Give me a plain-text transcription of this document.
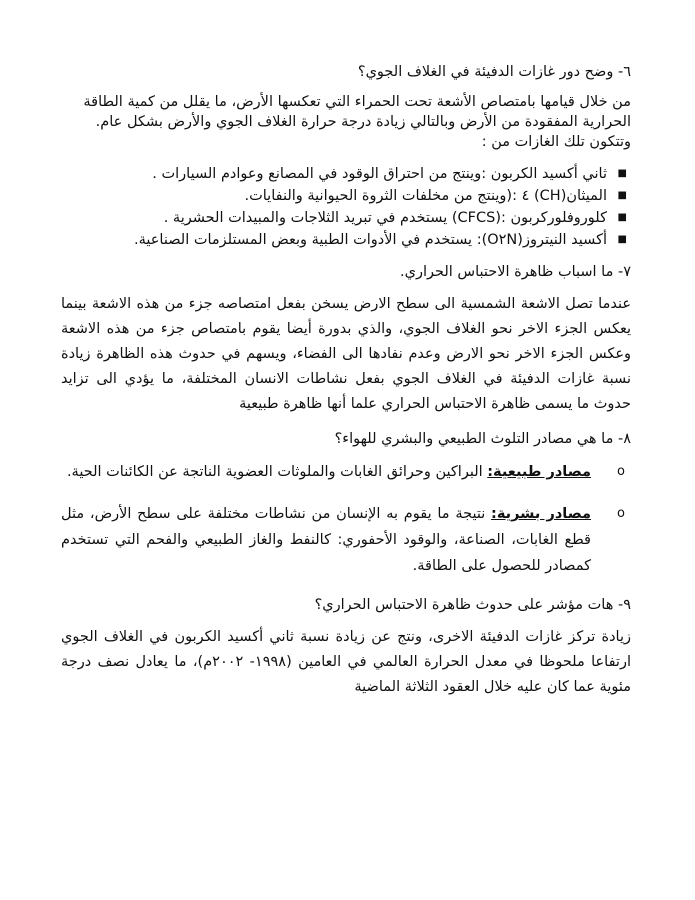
٦- وضح دور غازات الدفيئة في الغلاف الجوي؟

من خلال قيامها بامتصاص الأشعة تحت الحمراء التي تعكسها الأرض، ما يقلل من كمية الطاقة الحرارية المفقودة من الأرض وبالتالي زيادة درجة حرارة الغلاف الجوي والأرض بشكل عام.
وتتكون تلك الغازات من :

■
ثاني أكسيد الكربون :وينتج من احتراق الوقود في المصانع وعوادم السيارات .
■
الميثان(CH) ٤ :(وينتج من مخلفات الثروة الحيوانية والنفايات.
■
كلوروفلوركربون :(CFCS) يستخدم في تبريد الثلاجات والمبيدات الحشرية .
■
أكسيد النيتروز(O٢N): يستخدم في الأدوات الطبية وبعض المستلزمات الصناعية.

٧- ما اسباب ظاهرة الاحتباس الحراري.

عندما تصل الاشعة الشمسية الى سطح الارض يسخن بفعل امتصاصه جزء من هذه الاشعة بينما يعكس الجزء الاخر نحو الغلاف الجوي، والذي بدورة أيضا يقوم بامتصاص جزء من هذه الاشعة وعكس الجزء الاخر نحو الارض وعدم نفادها الى الفضاء، ويسهم في حدوث هذه الظاهرة زيادة نسبة غازات الدفيئة في الغلاف الجوي بفعل نشاطات الانسان المختلفة، ما يؤدي الى تزايد حدوث ما يسمى ظاهرة الاحتباس الحراري علما أنها ظاهرة طبيعية

٨- ما هي مصادر التلوث الطبيعي والبشري للهواء؟

o
مصادر طبيعية: البراكين وحرائق الغابات والملوثات العضوية الناتجة عن الكائنات الحية.
o
مصادر بشرية: نتيجة ما يقوم به الإنسان من نشاطات مختلفة على سطح الأرض، مثل قطع الغابات، الصناعة، والوقود الأحفوري: كالنفط والغاز الطبيعي والفحم التي تستخدم كمصادر للحصول على الطاقة.

٩- هات مؤشر على حدوث ظاهرة الاحتباس الحراري؟

زيادة تركز غازات الدفيئة الاخرى، ونتج عن زيادة نسبة ثاني أكسيد الكربون في الغلاف الجوي ارتفاعا ملحوظا في معدل الحرارة العالمي في العامين (١٩٩٨- ٢٠٠٢م)، ما يعادل نصف درجة مئوية عما كان عليه خلال العقود الثلاثة الماضية
